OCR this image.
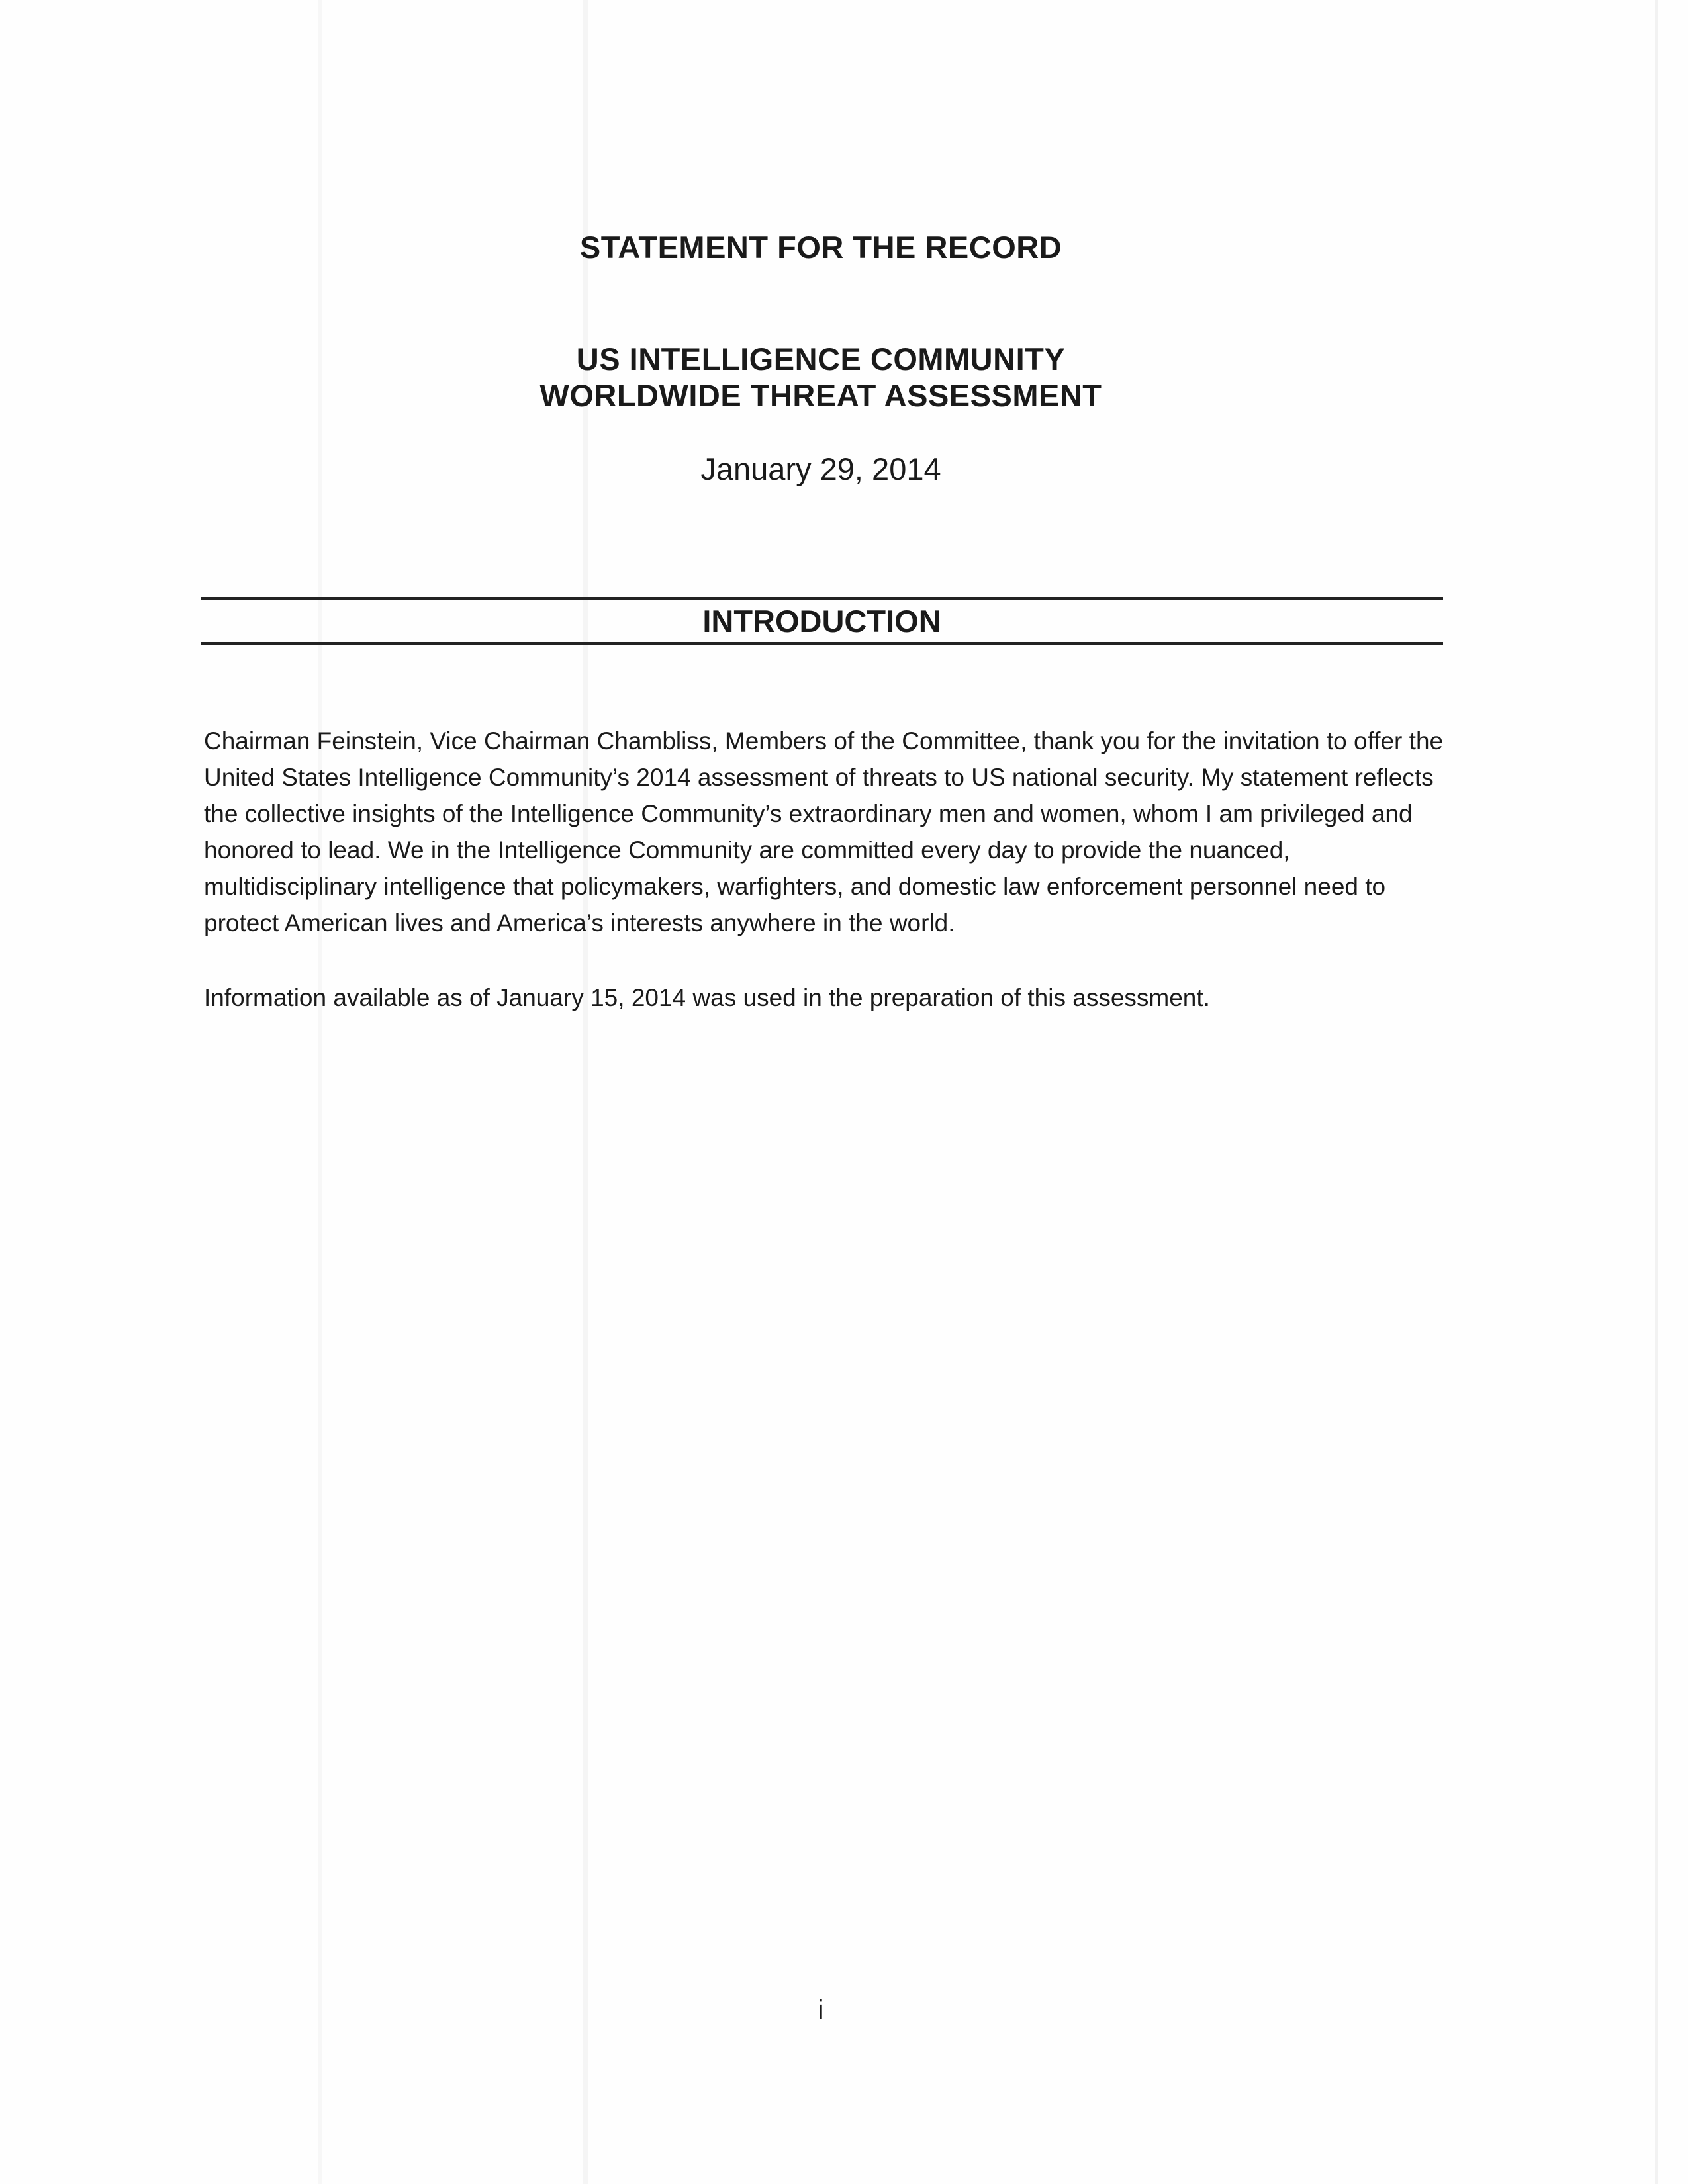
STATEMENT FOR THE RECORD
US INTELLIGENCE COMMUNITY
WORLDWIDE THREAT ASSESSMENT

January 29, 2014

INTRODUCTION

Chairman Feinstein, Vice Chairman Chambliss, Members of the Committee, thank you for the invitation to offer the United States Intelligence Community’s 2014 assessment of threats to US national security. My statement reflects the collective insights of the Intelligence Community’s extraordinary men and women, whom I am privileged and honored to lead. We in the Intelligence Community are committed every day to provide the nuanced, multidisciplinary intelligence that policymakers, warfighters, and domestic law enforcement personnel need to protect American lives and America’s interests anywhere in the world.

Information available as of January 15, 2014 was used in the preparation of this assessment.

i
